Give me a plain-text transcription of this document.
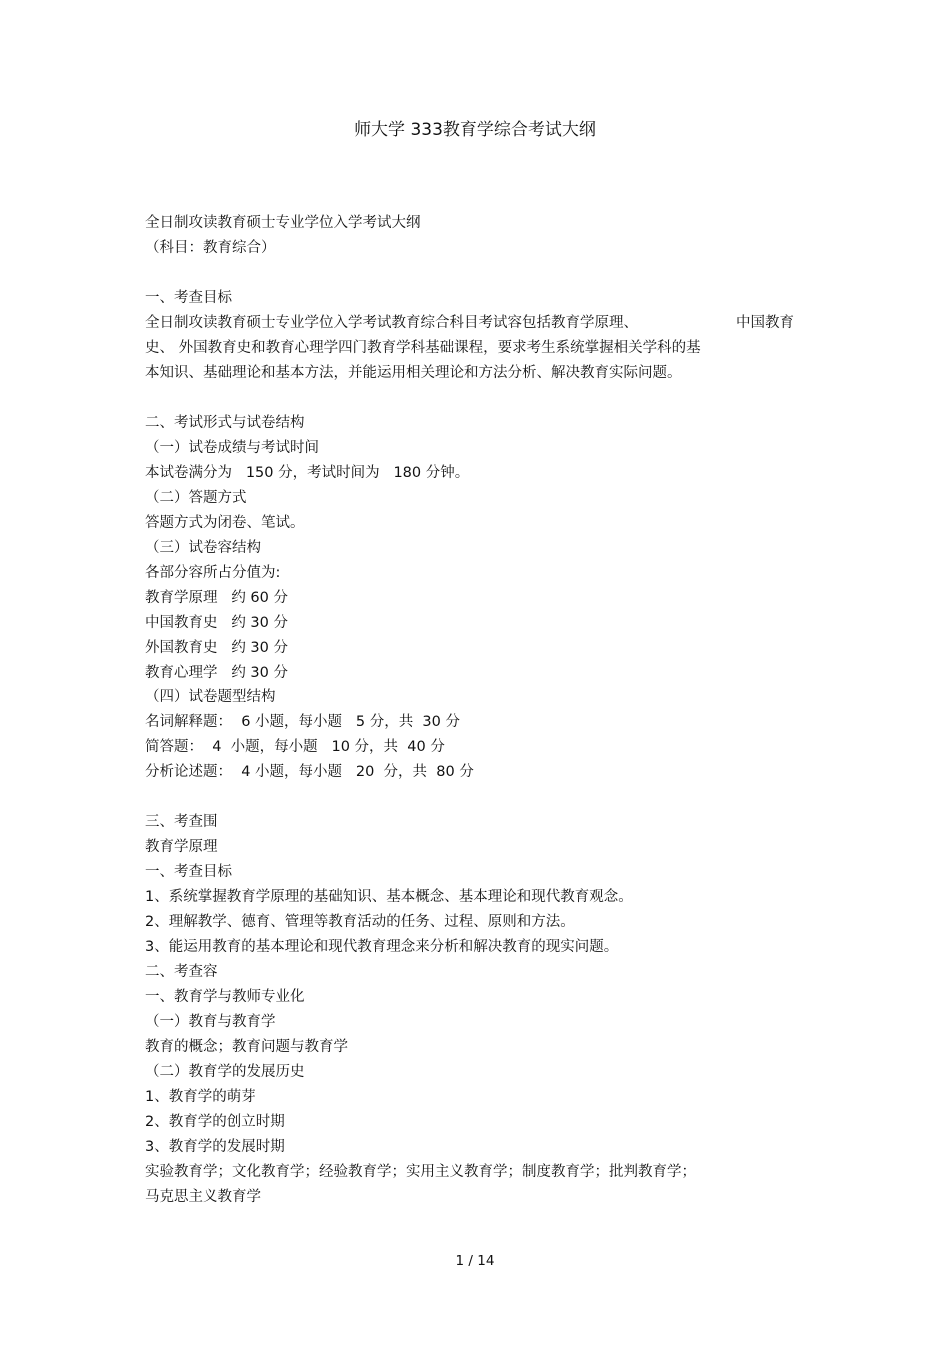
师大学 333教育学综合考试大纲
全日制攻读教育硕士专业学位入学考试大纲
（科目：教育综合）
一、考查目标

全日制攻读教育硕士专业学位入学考试教育综合科目考试容包括教育学原理、

	中国教育

史、 外国教育史和教育心理学四门教育学科基础课程，要求考生系统掌握相关学科的基
本知识、基础理论和基本方法，并能运用相关理论和方法分析、解决教育实际问题。
二、考试形式与试卷结构
（一）试卷成绩与考试时间
本试卷满分为   150 分，考试时间为   180 分钟。
（二）答题方式
答题方式为闭卷、笔试。
（三）试卷容结构
各部分容所占分值为:
教育学原理   约 60 分
中国教育史   约 30 分
外国教育史   约 30 分
教育心理学   约 30 分
（四）试卷题型结构
名词解释题：  6 小题，每小题   5 分，共  30 分
简答题：  4  小题，每小题   10 分，共  40 分
分析论述题：  4 小题，每小题   20  分，共  80 分
三、考查围
教育学原理
一、考查目标
1、系统掌握教育学原理的基础知识、基本概念、基本理论和现代教育观念。
2、理解教学、德育、管理等教育活动的任务、过程、原则和方法。
3、能运用教育的基本理论和现代教育理念来分析和解决教育的现实问题。
二、考查容
一、教育学与教师专业化
（一）教育与教育学
教育的概念；教育问题与教育学
（二）教育学的发展历史
1、教育学的萌芽
2、教育学的创立时期
3、教育学的发展时期
实验教育学；文化教育学；经验教育学；实用主义教育学；制度教育学；批判教育学；
马克思主义教育学
1 / 14
